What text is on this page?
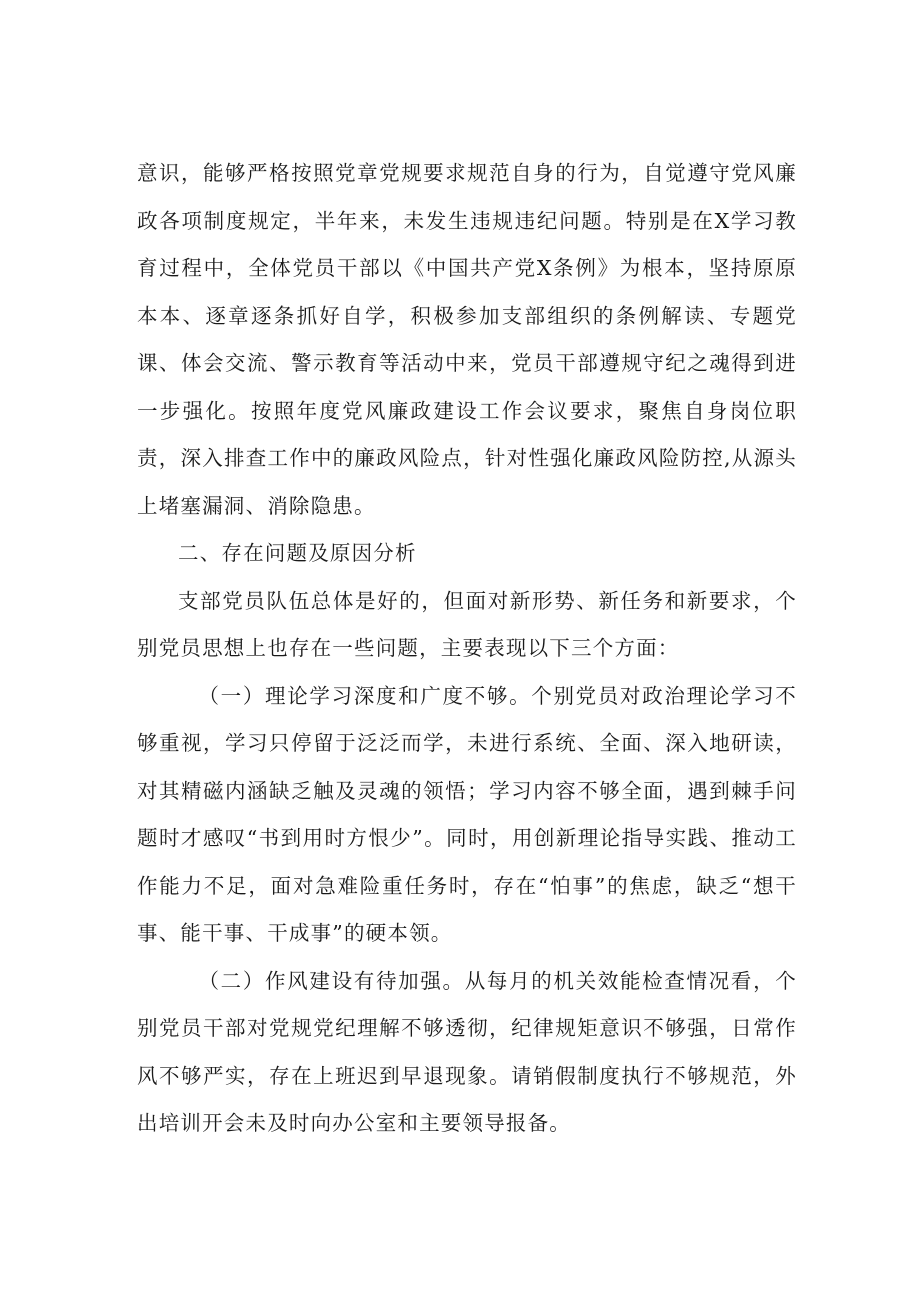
意识，能够严格按照党章党规要求规范自身的行为，自觉遵守党风廉政各项制度规定，半年来，未发生违规违纪问题。特别是在X学习教育过程中，全体党员干部以《中国共产党X条例》为根本，坚持原原本本、逐章逐条抓好自学，积极参加支部组织的条例解读、专题党课、体会交流、警示教育等活动中来，党员干部遵规守纪之魂得到进一步强化。按照年度党风廉政建设工作会议要求，聚焦自身岗位职责，深入排查工作中的廉政风险点，针对性强化廉政风险防控,从源头上堵塞漏洞、消除隐患。

二、存在问题及原因分析

支部党员队伍总体是好的，但面对新形势、新任务和新要求，个别党员思想上也存在一些问题，主要表现以下三个方面：

（一）理论学习深度和广度不够。个别党员对政治理论学习不够重视，学习只停留于泛泛而学，未进行系统、全面、深入地研读，对其精磁内涵缺乏触及灵魂的领悟；学习内容不够全面，遇到棘手问题时才感叹“书到用时方恨少”。同时，用创新理论指导实践、推动工作能力不足，面对急难险重任务时，存在“怕事”的焦虑，缺乏“想干事、能干事、干成事”的硬本领。

（二）作风建设有待加强。从每月的机关效能检查情况看，个别党员干部对党规党纪理解不够透彻，纪律规矩意识不够强，日常作风不够严实，存在上班迟到早退现象。请销假制度执行不够规范，外出培训开会未及时向办公室和主要领导报备。
